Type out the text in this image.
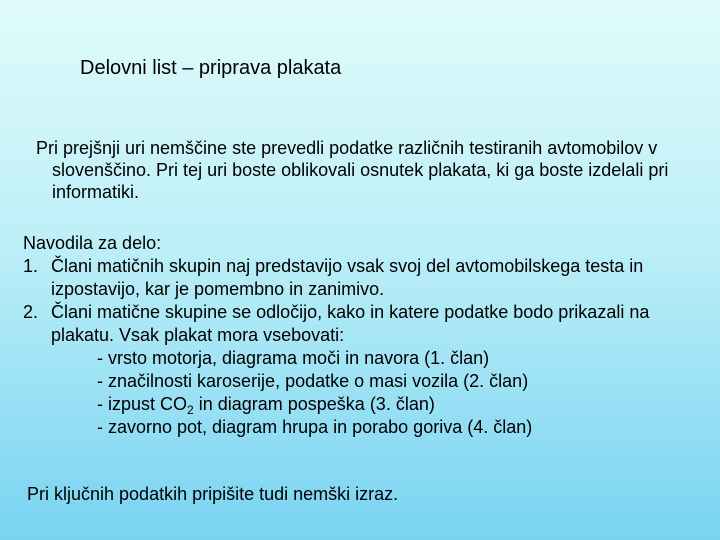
Delovni list – priprava plakata
Pri prejšnji uri nemščine ste prevedli podatke različnih testiranih avtomobilov v slovenščino. Pri tej uri boste oblikovali osnutek plakata, ki ga boste izdelali pri informatiki.
Navodila za delo:
1. Člani matičnih skupin naj predstavijo vsak svoj del avtomobilskega testa in izpostavijo, kar je pomembno in zanimivo.
2. Člani matične skupine se odločijo, kako in katere podatke bodo prikazali na plakatu. Vsak plakat mora vsebovati:
- vrsto motorja, diagrama moči in navora (1. član)
- značilnosti karoserije, podatke o masi vozila (2. član)
- izpust $CO_2$ in diagram pospeška (3. član)
- zavorno pot, diagram hrupa in porabo goriva (4. član)
Pri ključnih podatkih pripišite tudi nemški izraz.
